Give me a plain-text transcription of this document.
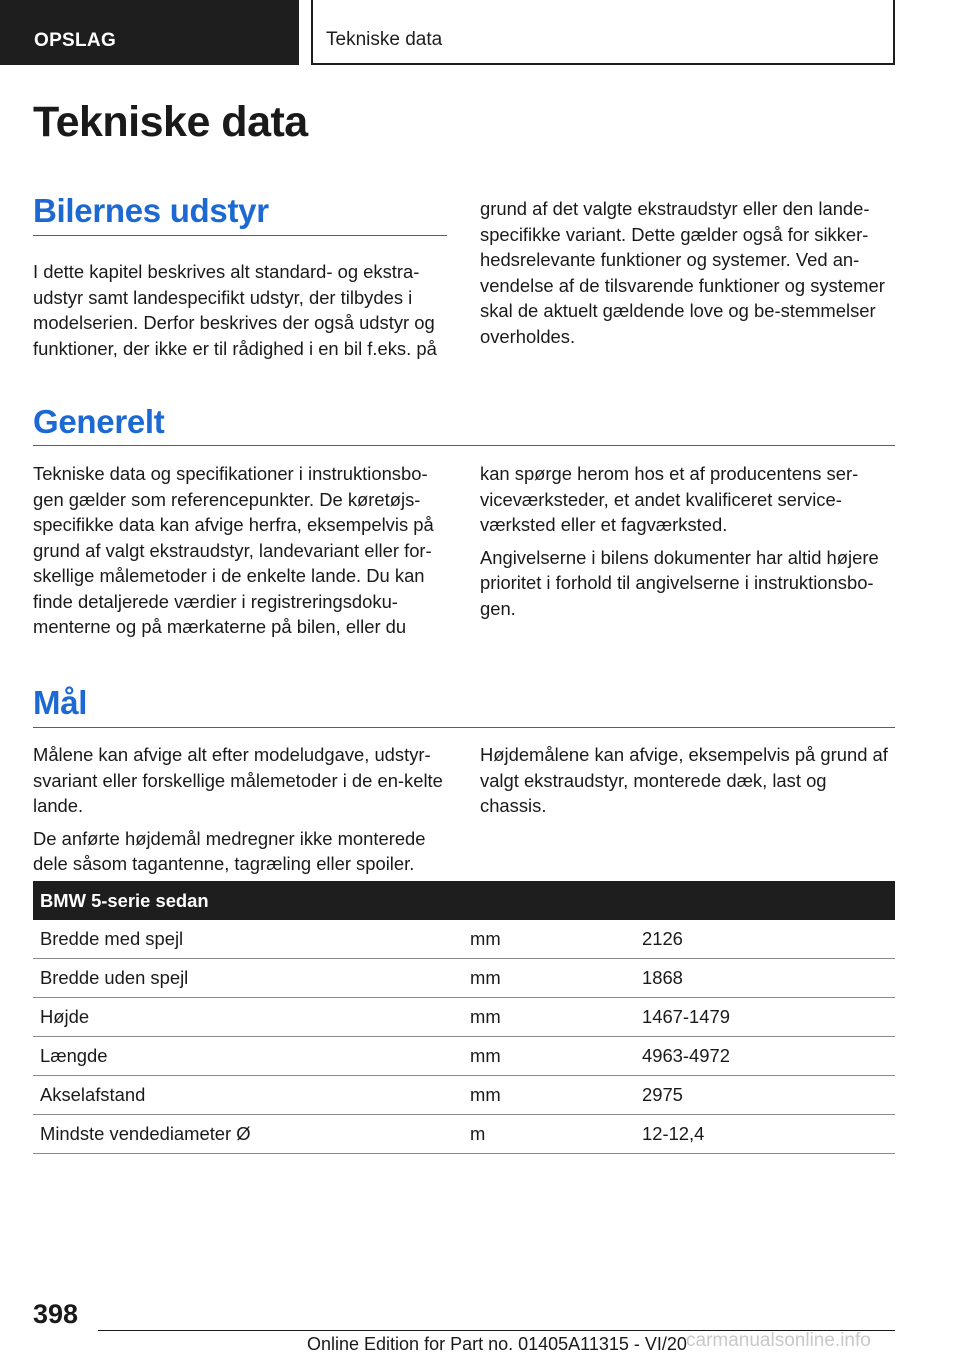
OPSLAG	Tekniske data
Tekniske data
Bilernes udstyr

I dette kapitel beskrives alt standard- og ekstra-udstyr samt landespecifikt udstyr, der tilbydes i modelserien. Derfor beskrives der også udstyr og funktioner, der ikke er til rådighed i en bil f.eks. på

grund af det valgte ekstraudstyr eller den lande-specifikke variant. Dette gælder også for sikker-hedsrelevante funktioner og systemer. Ved an-vendelse af de tilsvarende funktioner og systemer skal de aktuelt gældende love og be-stemmelser overholdes.

Generelt

Tekniske data og specifikationer i instruktionsbo-gen gælder som referencepunkter. De køretøjs-specifikke data kan afvige herfra, eksempelvis på grund af valgt ekstraudstyr, landevariant eller for-skellige målemetoder i de enkelte lande. Du kan finde detaljerede værdier i registreringsdoku-menterne og på mærkaterne på bilen, eller du

kan spørge herom hos et af producentens ser-viceværksteder, et andet kvalificeret service-værksted eller et fagværksted.

Angivelserne i bilens dokumenter har altid højere prioritet i forhold til angivelserne i instruktionsbo-gen.

Mål

Målene kan afvige alt efter modeludgave, udstyr-svariant eller forskellige målemetoder i de en-kelte lande.

De anførte højdemål medregner ikke monterede dele såsom tagantenne, tagræling eller spoiler.

Højdemålene kan afvige, eksempelvis på grund af valgt ekstraudstyr, monterede dæk, last og chassis.

BMW 5-serie sedan		
Bredde med spejl	mm	2126
Bredde uden spejl	mm	1868
Højde	mm	1467-1479
Længde	mm	4963-4972
Akselafstand	mm	2975
Mindste vendediameter Ø	m	12-12,4
398
Online Edition for Part no. 01405A11315 - VI/20 carmanualsonline.info
